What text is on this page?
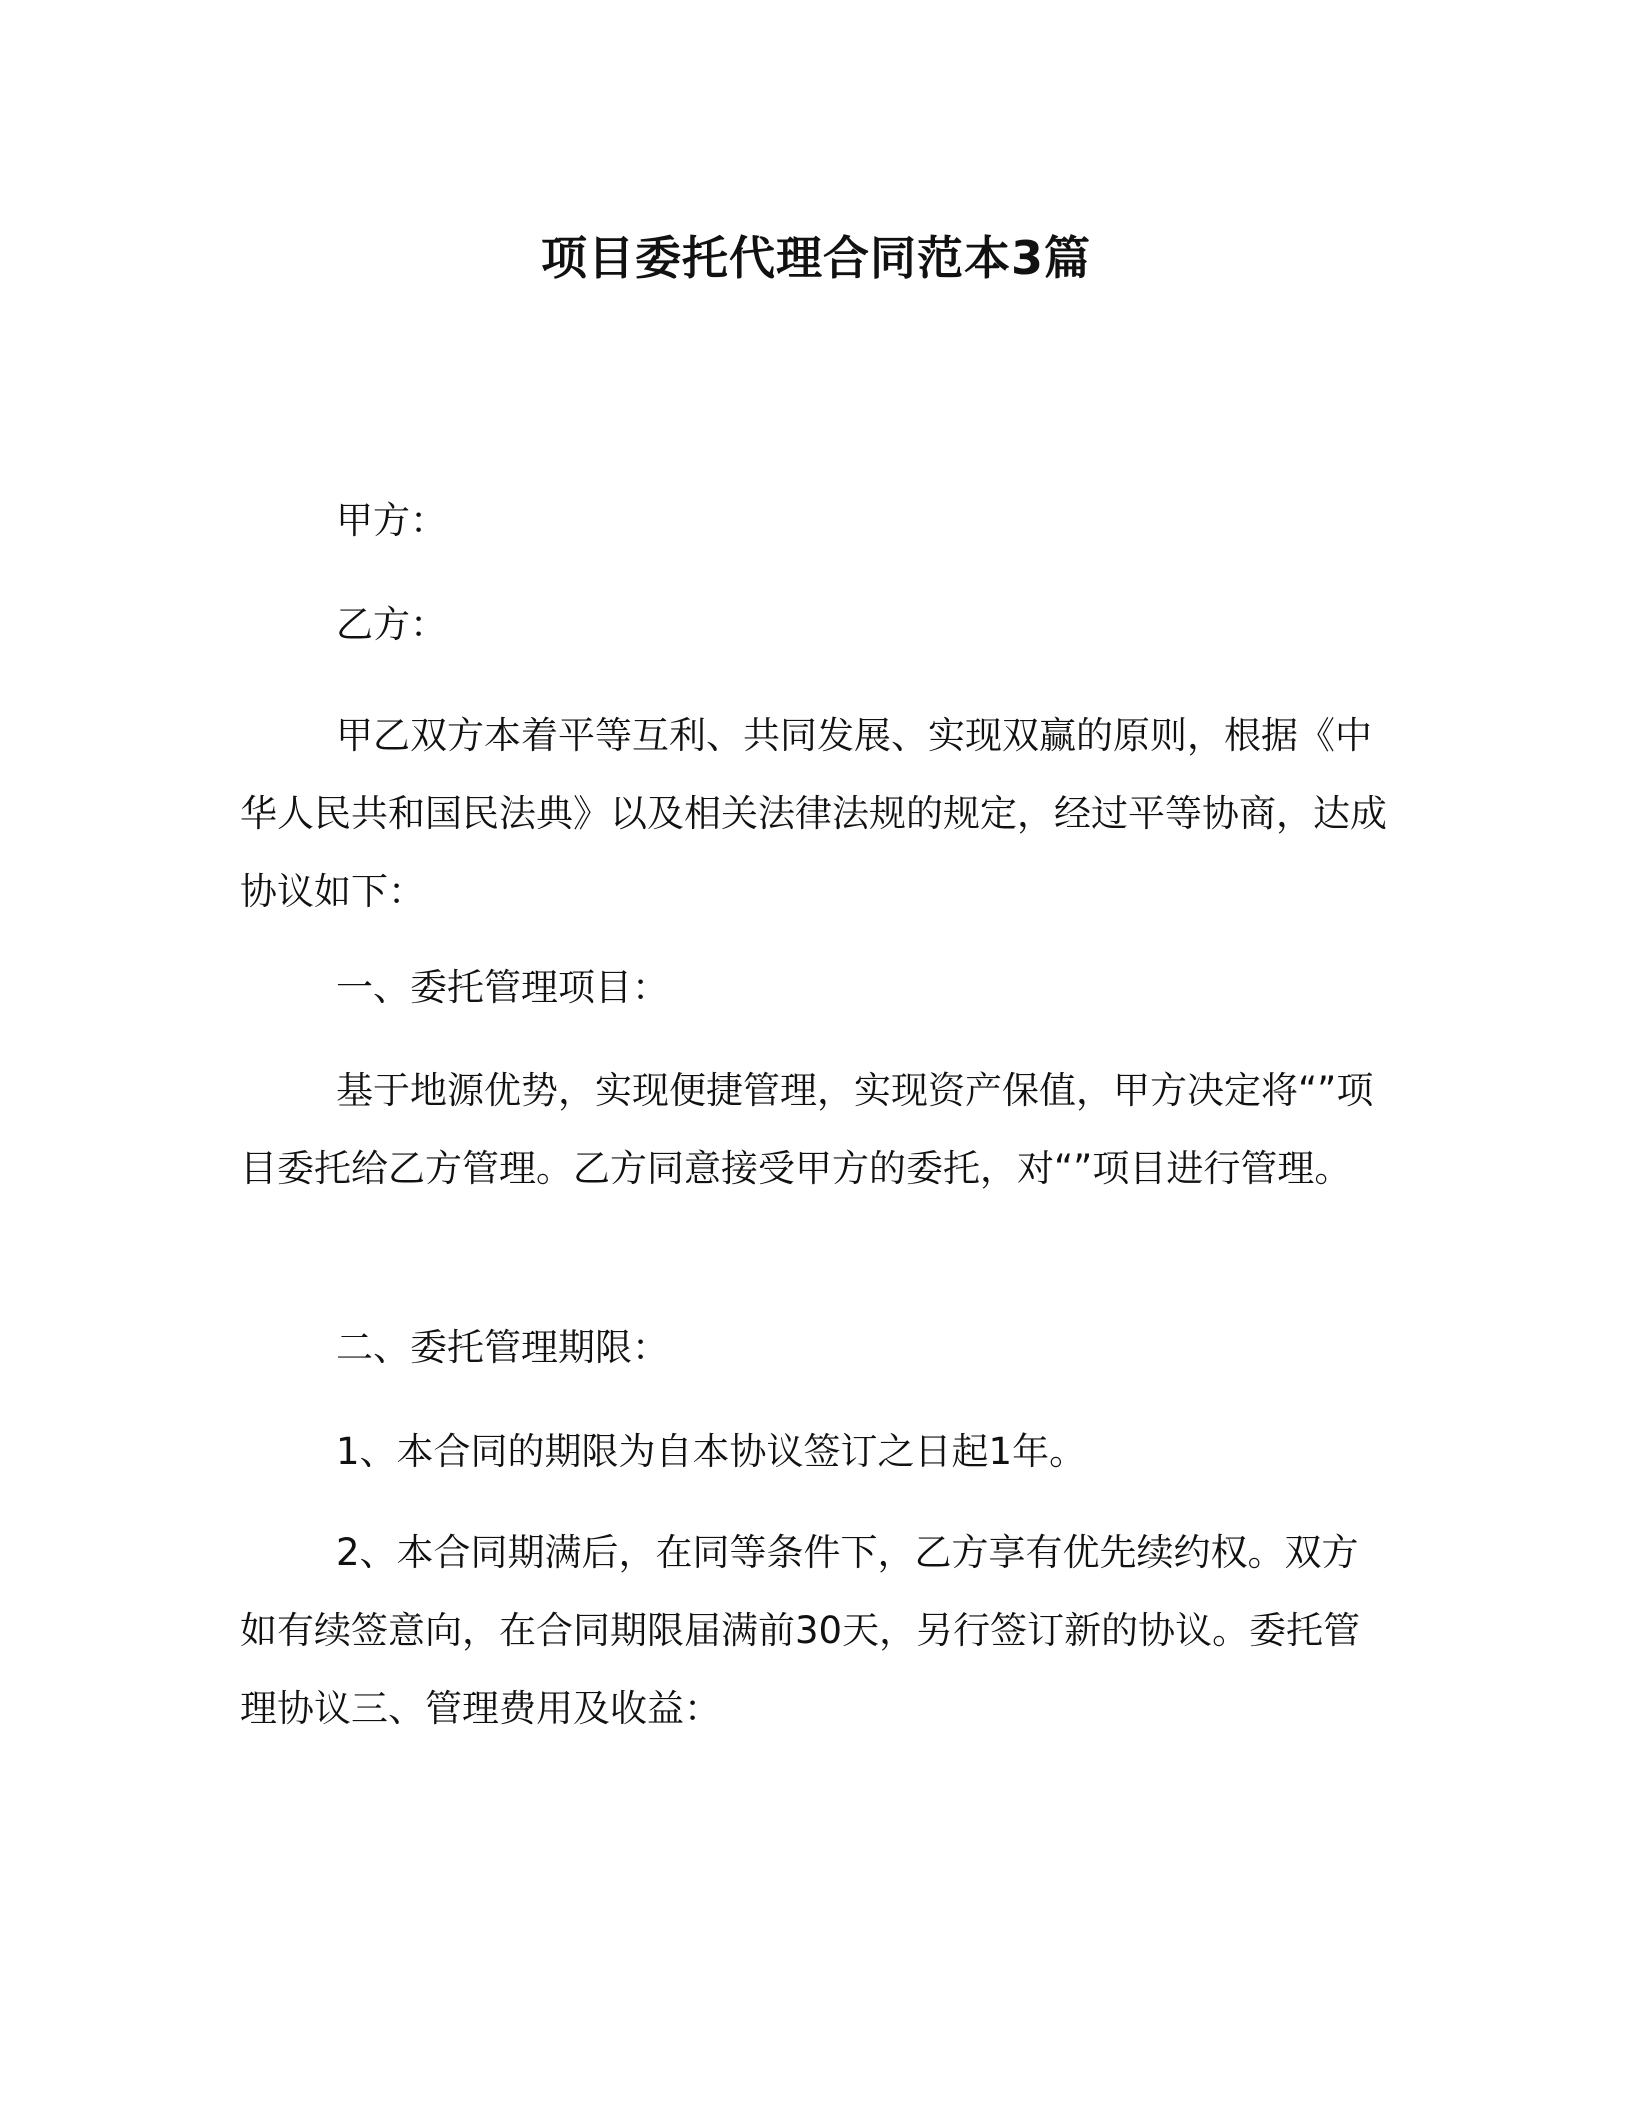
项目委托代理合同范本3篇
甲方：
乙方：
甲乙双方本着平等互利、共同发展、实现双赢的原则，根据《中华人民共和国民法典》以及相关法律法规的规定，经过平等协商，达成协议如下：
一、委托管理项目：
基于地源优势，实现便捷管理，实现资产保值，甲方决定将“”项目委托给乙方管理。乙方同意接受甲方的委托，对“”项目进行管理。
二、委托管理期限：
1、本合同的期限为自本协议签订之日起1年。
2、本合同期满后，在同等条件下，乙方享有优先续约权。双方如有续签意向，在合同期限届满前30天，另行签订新的协议。委托管理协议三、管理费用及收益：
